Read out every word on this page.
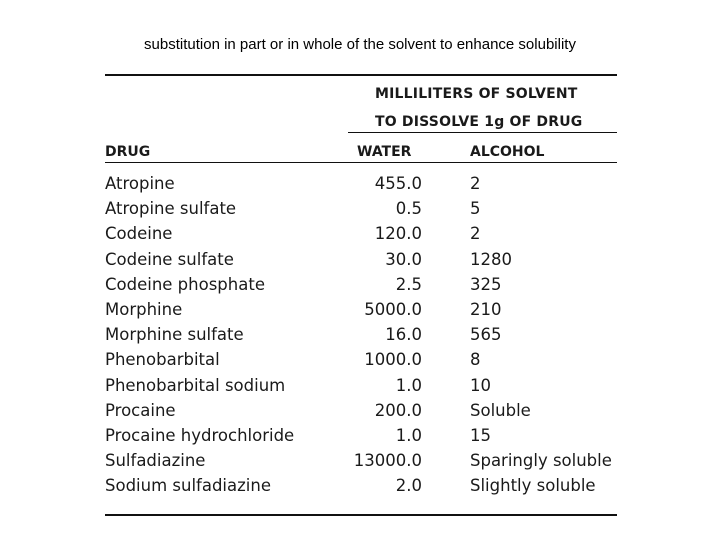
substitution in part or in whole of the solvent to enhance solubility
MILLILITERS OF SOLVENT
TO DISSOLVE 1g OF DRUG
DRUG	WATER	ALCOHOL
Atropine	455.0	2
Atropine sulfate	0.5	5
Codeine	120.0	2
Codeine sulfate	30.0	1280
Codeine phosphate	2.5	325
Morphine	5000.0	210
Morphine sulfate	16.0	565
Phenobarbital	1000.0	8
Phenobarbital sodium	1.0	10
Procaine	200.0	Soluble
Procaine hydrochloride	1.0	15
Sulfadiazine	13000.0	Sparingly soluble
Sodium sulfadiazine	2.0	Slightly soluble
